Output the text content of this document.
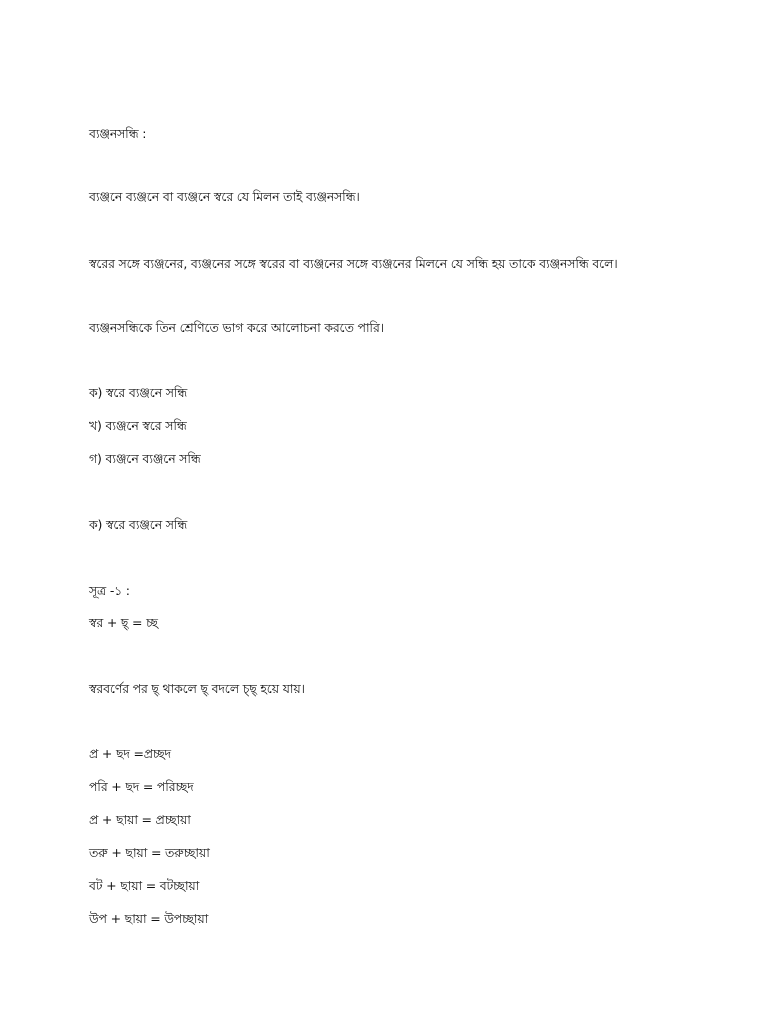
ব্যঞ্জনসন্ধি :
ব্যঞ্জনে ব্যঞ্জনে বা ব্যঞ্জনে স্বরে যে মিলন তাই ব্যঞ্জনসন্ধি।
স্বরের সঙ্গে ব্যঞ্জনের, ব্যঞ্জনের সঙ্গে স্বরের বা ব্যঞ্জনের সঙ্গে ব্যঞ্জনের মিলনে যে সন্ধি হয় তাকে ব্যঞ্জনসন্ধি বলে।
ব্যঞ্জনসন্ধিকে তিন শ্রেণিতে ভাগ করে আলোচনা করতে পারি।
ক) স্বরে ব্যঞ্জনে সন্ধি
খ) ব্যঞ্জনে স্বরে সন্ধি
গ) ব্যঞ্জনে ব্যঞ্জনে সন্ধি
ক) স্বরে ব্যঞ্জনে সন্ধি
সূত্র -১ :
স্বর + ছ্ = চ্ছ
স্বরবর্ণের পর ছ্ থাকলে ছ্ বদলে চ্ছ্ হয়ে যায়।
প্র + ছদ =প্রচ্ছদ
পরি + ছদ = পরিচ্ছদ
প্র + ছায়া = প্রচ্ছায়া
তরু + ছায়া = তরুচ্ছায়া
বট + ছায়া = বটচ্ছায়া
উপ + ছায়া = উপচ্ছায়া
